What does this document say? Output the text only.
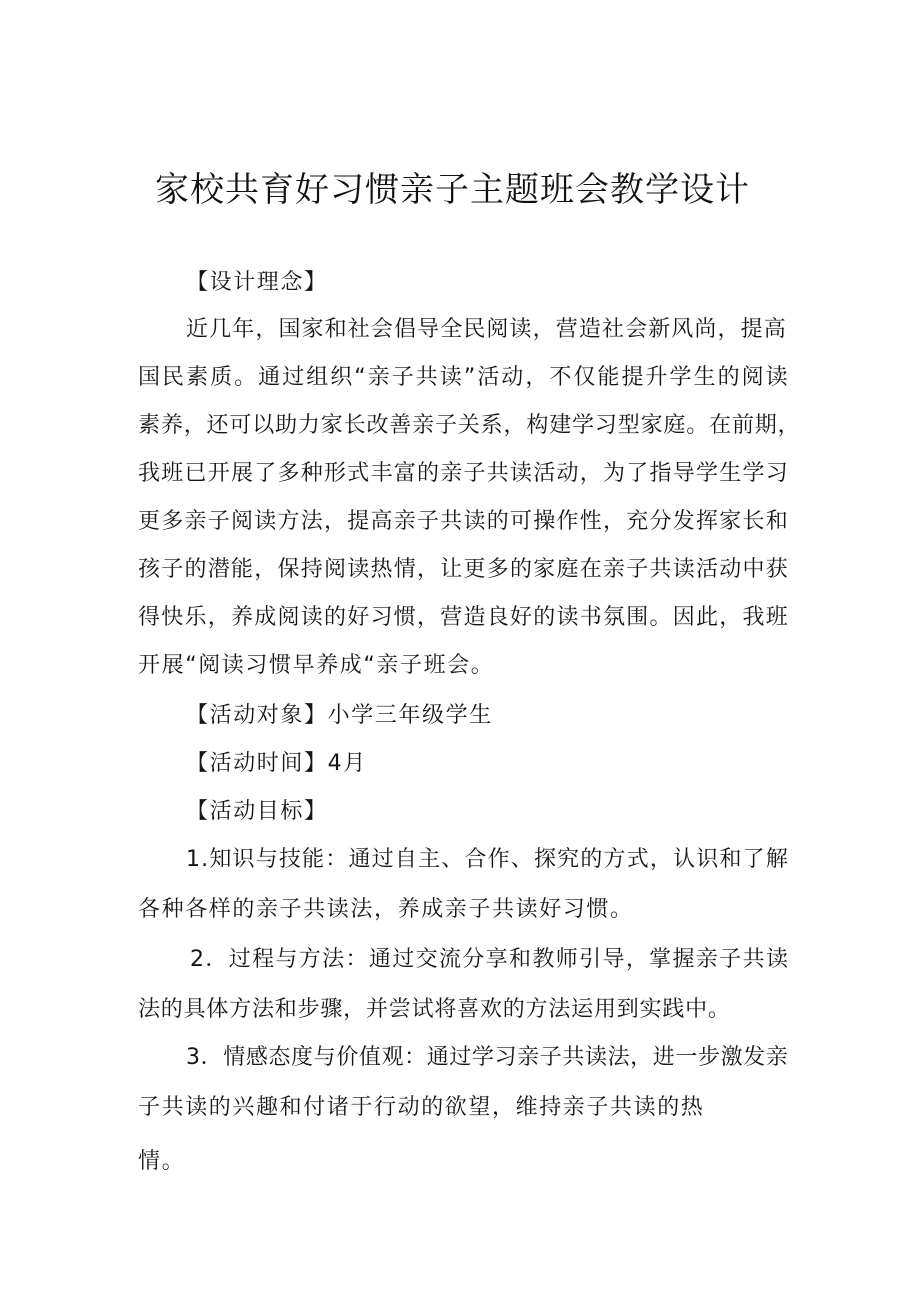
家校共育好习惯亲子主题班会教学设计
【设计理念】
近 几 年 ， 国 家 和 社 会 倡 导 全 民 阅 读 ， 营 造 社 会 新 风 尚 ， 提 高
国 民 素 质 。 通 过 组 织 “ 亲 子 共 读 ” 活 动 ， 不 仅 能 提 升 学 生 的 阅 读
素 养 ， 还 可 以 助 力 家 长 改 善 亲 子 关 系 ， 构 建 学 习 型 家 庭 。 在 前 期 ，
我 班 已 开 展 了 多 种 形 式 丰 富 的 亲 子 共 读 活 动 ， 为 了 指 导 学 生 学 习
更 多 亲 子 阅 读 方 法 ， 提 高 亲 子 共 读 的 可 操 作 性 ， 充 分 发 挥 家 长 和
孩 子 的 潜 能 ， 保 持 阅 读 热 情 ， 让 更 多 的 家 庭 在 亲 子 共 读 活 动 中 获
得 快 乐 ， 养 成 阅 读 的 好 习 惯 ， 营 造 良 好 的 读 书 氛 围 。 因 此 ， 我 班
开展“阅读习惯早养成“亲子班会。
【活动对象】小学三年级学生
【活动时间】4月
【活动目标】
1 . 知 识 与 技 能 ： 通 过 自 主 、 合 作 、 探 究 的 方 式 ， 认 识 和 了 解
各种各样的亲子共读法，养成亲子共读好习惯。
2 ． 过 程 与 方 法 ： 通 过 交 流 分 享 和 教 师 引 导 ， 掌 握 亲 子 共 读
法 的 具 体 方 法 和 步 骤 ， 并 尝 试 将 喜 欢 的 方 法 运 用 到 实 践 中 。
3 ． 情 感 态 度 与 价 值 观 ： 通 过 学 习 亲 子 共 读 法 ， 进 一 步 激 发 亲
子共读的兴趣和付诸于行动的欲望，维持亲子共读的热
情。
